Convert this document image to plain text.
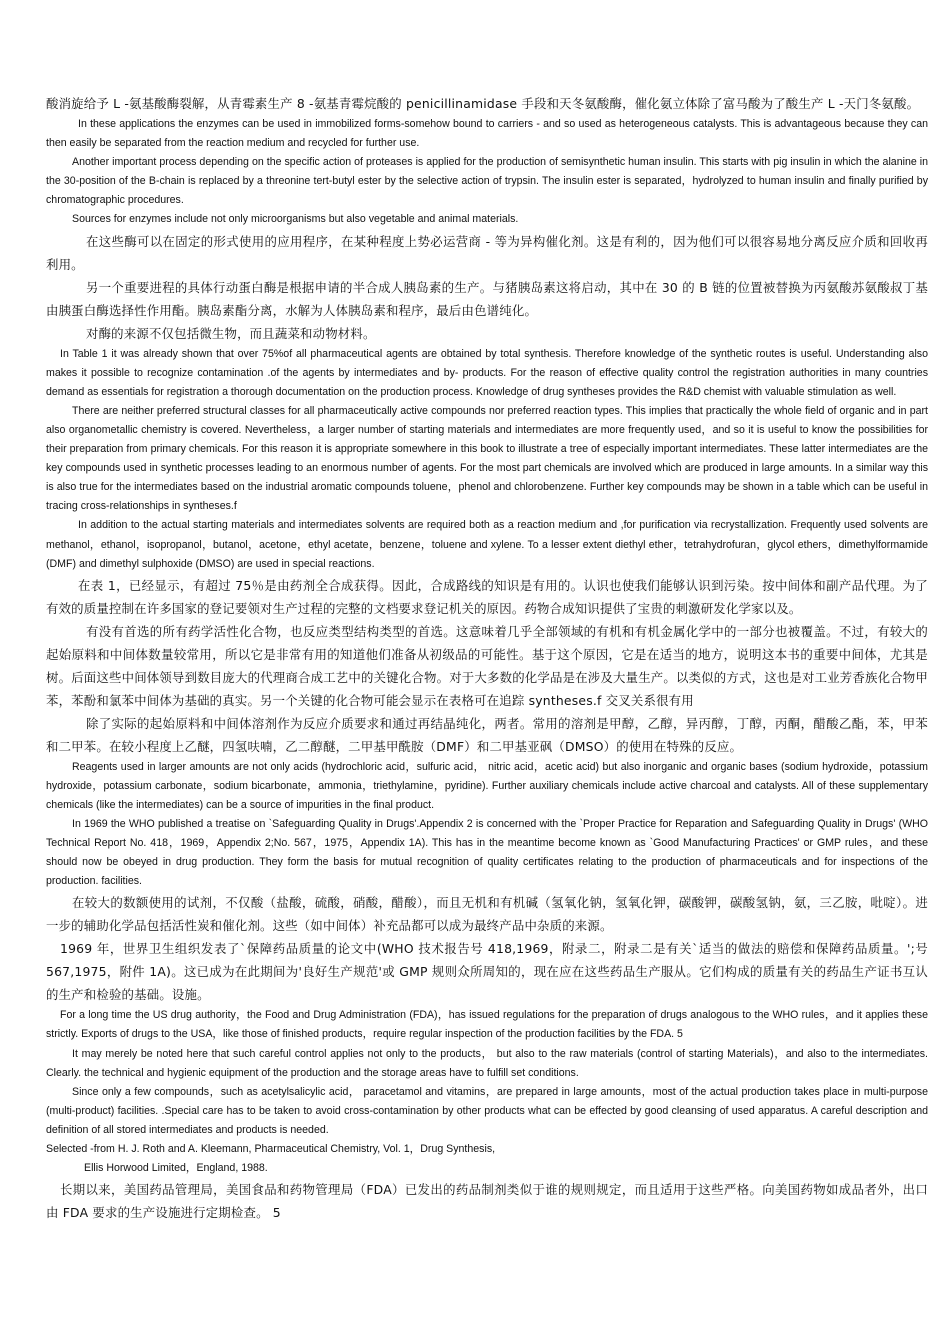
酸消旋给予 L -氨基酸酶裂解，从青霉素生产 8 -氨基青霉烷酸的 penicillinamidase 手段和天冬氨酸酶，催化氨立体除了富马酸为了酸生产 L -天门冬氨酸。

In these applications the enzymes can be used in immobilized forms-somehow bound to carriers - and so used as heterogeneous catalysts. This is advantageous because they can then easily be separated from the reaction medium and recycled for further use.

Another important process depending on the specific action of proteases is applied for the production of semisynthetic human insulin. This starts with pig insulin in which the alanine in the 30-position of the B-chain is replaced by a threonine tert-butyl ester by the selective action of trypsin. The insulin ester is separated，hydrolyzed to human insulin and finally purified by chromatographic procedures.

Sources for enzymes include not only microorganisms but also vegetable and animal materials.

在这些酶可以在固定的形式使用的应用程序，在某种程度上势必运营商 - 等为异构催化剂。这是有利的，因为他们可以很容易地分离反应介质和回收再利用。

另一个重要进程的具体行动蛋白酶是根据申请的半合成人胰岛素的生产。与猪胰岛素这将启动，其中在 30 的 B 链的位置被替换为丙氨酸苏氨酸叔丁基由胰蛋白酶选择性作用酯。胰岛素酯分离，水解为人体胰岛素和程序，最后由色谱纯化。

对酶的来源不仅包括微生物，而且蔬菜和动物材料。

In Table 1 it was already shown that over 75%of all pharmaceutical agents are obtained by total synthesis. Therefore knowledge of the synthetic routes is useful. Understanding also makes it possible to recognize contamination .of the agents by intermediates and by- products. For the reason of effective quality control the registration authorities in many countries demand as essentials for registration a thorough documentation on the production process. Knowledge of drug syntheses provides the R&D chemist with valuable stimulation as well.

There are neither preferred structural classes for all pharmaceutically active compounds nor preferred reaction types. This implies that practically the whole field of organic and in part also organometallic chemistry is covered. Nevertheless，a larger number of starting materials and intermediates are more frequently used，and so it is useful to know the possibilities for their preparation from primary chemicals. For this reason it is appropriate somewhere in this book to illustrate a tree of especially important intermediates. These latter intermediates are the key compounds used in synthetic processes leading to an enormous number of agents. For the most part chemicals are involved which are produced in large amounts. In a similar way this is also true for the intermediates based on the industrial aromatic compounds toluene，phenol and chlorobenzene. Further key compounds may be shown in a table which can be useful in tracing cross-relationships in syntheses.f

In addition to the actual starting materials and intermediates solvents are required both as a reaction medium and ,for purification via recrystallization. Frequently used solvents are methanol，ethanol，isopropanol，butanol，acetone，ethyl acetate，benzene，toluene and xylene. To a lesser extent diethyl ether，tetrahydrofuran，glycol ethers，dimethylformamide (DMF) and dimethyl sulphoxide (DMSO) are used in special reactions.

在表 1，已经显示，有超过 75％是由药剂全合成获得。因此，合成路线的知识是有用的。认识也使我们能够认识到污染。按中间体和副产品代理。为了有效的质量控制在许多国家的登记要领对生产过程的完整的文档要求登记机关的原因。药物合成知识提供了宝贵的刺激研发化学家以及。

有没有首选的所有药学活性化合物，也反应类型结构类型的首选。这意味着几乎全部领域的有机和有机金属化学中的一部分也被覆盖。不过，有较大的起始原料和中间体数量较常用，所以它是非常有用的知道他们准备从初级品的可能性。基于这个原因，它是在适当的地方，说明这本书的重要中间体，尤其是树。后面这些中间体领导到数目庞大的代理商合成工艺中的关键化合物。对于大多数的化学品是在涉及大量生产。以类似的方式，这也是对工业芳香族化合物甲苯，苯酚和氯苯中间体为基础的真实。另一个关键的化合物可能会显示在表格可在追踪 syntheses.f 交叉关系很有用

除了实际的起始原料和中间体溶剂作为反应介质要求和通过再结晶纯化，两者。常用的溶剂是甲醇，乙醇，异丙醇，丁醇，丙酮，醋酸乙酯，苯，甲苯和二甲苯。在较小程度上乙醚，四氢呋喃，乙二醇醚，二甲基甲酰胺（DMF）和二甲基亚砜（DMSO）的使用在特殊的反应。

Reagents used in larger amounts are not only acids (hydrochloric acid，sulfuric acid， nitric acid，acetic acid) but also inorganic and organic bases (sodium hydroxide，potassium hydroxide，potassium carbonate，sodium bicarbonate，ammonia，triethylamine，pyridine). Further auxiliary chemicals include active charcoal and catalysts. All of these supplementary chemicals (like the intermediates) can be a source of impurities in the final product.

In 1969 the WHO published a treatise on `Safeguarding Quality in Drugs'.Appendix 2 is concerned with the `Proper Practice for Reparation and Safeguarding Quality in Drugs' (WHO Technical Report No. 418，1969，Appendix 2;No. 567，1975，Appendix 1A). This has in the meantime become known as `Good Manufacturing Practices' or GMP rules，and these should now be obeyed in drug production. They form the basis for mutual recognition of quality certificates relating to the production of pharmaceuticals and for inspections of the production. facilities.

在较大的数额使用的试剂，不仅酸（盐酸，硫酸，硝酸，醋酸），而且无机和有机碱（氢氧化钠，氢氧化钾，碳酸钾，碳酸氢钠，氨，三乙胺，吡啶）。进一步的辅助化学品包括活性炭和催化剂。这些（如中间体）补充品都可以成为最终产品中杂质的来源。

1969 年，世界卫生组织发表了`保障药品质量的论文中(WHO 技术报告号 418,1969，附录二，附录二是有关`适当的做法的赔偿和保障药品质量。';号 567,1975，附件 1A)。这已成为在此期间为'良好生产规范'或 GMP 规则众所周知的，现在应在这些药品生产服从。它们构成的质量有关的药品生产证书互认的生产和检验的基础。设施。

For a long time the US drug authority，the Food and Drug Administration (FDA)，has issued regulations for the preparation of drugs analogous to the WHO rules，and it applies these strictly. Exports of drugs to the USA，like those of finished products，require regular inspection of the production facilities by the FDA. 5

It may merely be noted here that such careful control applies not only to the products， but also to the raw materials (control of starting Materials)，and also to the intermediates. Clearly. the technical and hygienic equipment of the production and the storage areas have to fulfill set conditions.

Since only a few compounds，such as acetylsalicylic acid， paracetamol and vitamins，are prepared in large amounts，most of the actual production takes place in multi-purpose (multi-product) facilities. .Special care has to be taken to avoid cross-contamination by other products what can be effected by good cleansing of used apparatus. A careful description and definition of all stored intermediates and products is needed.

Selected -from H. J. Roth and A. Kleemann, Pharmaceutical Chemistry, Vol. 1，Drug Synthesis,

Ellis Horwood Limited，England, 1988.

长期以来，美国药品管理局，美国食品和药物管理局（FDA）已发出的药品制剂类似于谁的规则规定，而且适用于这些严格。向美国药物如成品者外，出口由 FDA 要求的生产设施进行定期检查。 5
